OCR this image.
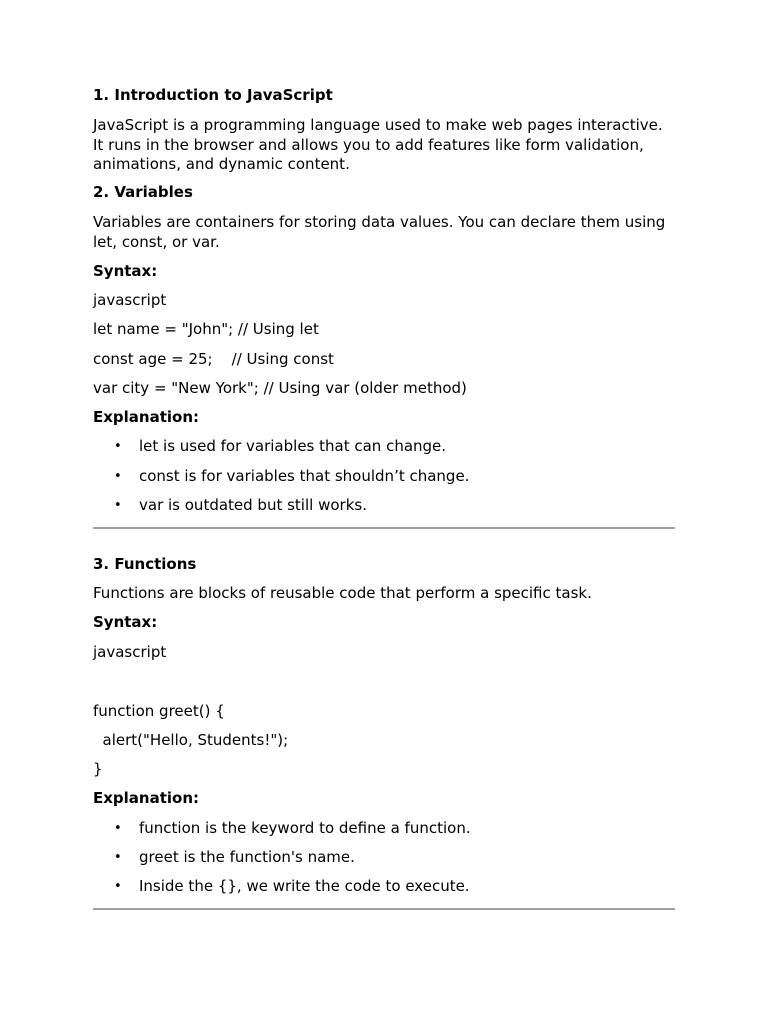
1. Introduction to JavaScript
JavaScript is a programming language used to make web pages interactive. It runs in the browser and allows you to add features like form validation, animations, and dynamic content.
2. Variables
Variables are containers for storing data values. You can declare them using let, const, or var.
Syntax:
javascript
let name = "John"; // Using let
const age = 25;    // Using const
var city = "New York"; // Using var (older method)
Explanation:
• let is used for variables that can change.
• const is for variables that shouldn’t change.
• var is outdated but still works.
3. Functions
Functions are blocks of reusable code that perform a specific task.
Syntax:
javascript
function greet() {
alert("Hello, Students!");
}
Explanation:
• function is the keyword to define a function.
• greet is the function's name.
• Inside the {}, we write the code to execute.
